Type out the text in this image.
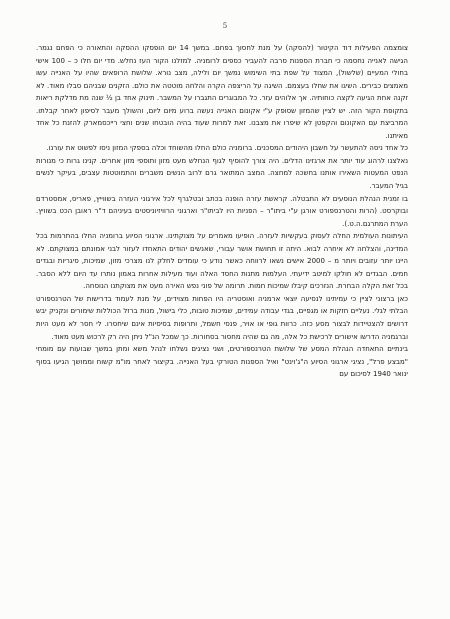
5

צומצמה הפעילות דוד הקיטור (להסקה) על מנת לחסוך בפחם. במשך 14 יום הופסקו ההסקה והתאורה כי הפחם נגמר. הגישה לאנייה נחסמה כי חברת הספנות סרבה להעביר כספים לרומניה. למזלנו הקור העז נחלש. מדי יום חלו כ – 100 אישי בחולי המעיים (שלשול), המצוד על שפת בתי השימוש נמשך יום ולילה, מצב נורא. שלושת הרופאים שהיו על האנייה עשו מאמצים כבירים. השיגו את שחלו בעצמם. השיגה על הריצפה הקרה והלחה מוטטה את כולם. הזקנים שבניהם סבלו מאוד. לא זקנה אחת הגיעה לקצה כוחותיה. אך אלוהים עזר. כל המבוגרים התגברו על המשבר. תינוק אחד בן ½ שנה מת מדלקת ריאות בתקופת הקור הזה. יש לציין שהמזון שסופק ע"י אקונום האנייה נעשה ברוע מיום ליום, והשולך מעבר לסיפון לאחר קבלתו. המרביצת עם האקונום והקפטן לא שיפרו את מצבנו. זאת למרות שעוד בהיה הובטחו שנים וחצי רייכסמארק להזנת כל אחד מאיתנו.

כל אחד ניסה להתעשר על חשבון היהודים המסכנים. ברומניה כולם החלו מהשוחד וכלה בספקי המזון ניסו לפשוט את עורנו.

נאלצנו לרהוג עוד יותר את ארגזינו הדלים. היה צורך להוסיף לגוף הנחלש מעט מזון ותוספי מזון אחרים. קנינו גרות כי מנורות הנפט המעטות השאירו אותנו בחשכה למחצה. המצב המתואר גרם לרוב הנשים משברים והתמוטטות עצבים, בעיקר לנשים בגיל המעבר.

בו זמנית הנהלת הנוסעים לא התבטלה. קראשת עזרה הופנה בכתב ובטלגרף לכל אירגוני העזרה בשווייץ, פאריס, אמסטרדם ובוקרסט. (הרות והטרנספורט אורגן ע"י ביתו"ר – הפניות היו לביתו"ר וארגוני הרוויזיוניסטים בעיניהם ד"ר ראובן הכט בשוויץ. הערת המתרגם.ה.ט.).

העיתונות העולמית החלה לעסוק בעקשיות לעזרה. הופיעו מאמרים על מצוקתינו. ארגוני הסיוע ברומניה החלו בהתרמות בכל המדינה, והצלחה לא איחרה לבוא. היתה זו תחושת אושר עבורי, שאנשים יהודים התאחדו לעזור לבני אמונתם במצוקתם. לא היינו יותר עזובים ויותר מ – 2000 אישים נשאו לרווחה כאשר נודע כי עומדים לחלק לנו מצרכי מזון, שמיכות, סיגריות ובגדים חמים. הבגדים לא חולקו למיטב ידיעתי. העלמות מתנות החסד האלה ועוד מעילות אחרות באמון נותרו עד היום ללא הסבר. בכל זאת הקלה הבחרת. הנזרכים קיבלו שמיכות חמות. תרומה של פוני נפש האירה מעט את מצוקתנו הנוסחה.

כאן ברצוני לציין כי עמיתינו לנסיעה יוצאי ארמניה ואוסטריה היו הפחות מצוידים, על מנת לעמוד בדרישות של הטרנספורט הבלתי לגלי. נעליים חזקות או מגפיים, בגדי עבודה עמידים, שמיכות טובות, כלי בישול, מנות ברזל הכוללות שימורים ונקניק יבש דרושים להצטיידות לבצור מסע כזה. כרוות גופי או אויר, פנסי חשמל, ותרופות בסיסיות אינם שיחסרו. לי חסר לא מעט היות וברגמניה הדרשו אישורים לרכישת כל אלה, מה גם שהיה מחסור בסחורות. כך שמכל הנ"ל ניתן היה רק לרכוש מעט מאוד.

בינתיים התאחדה הנהלת המסע של שלושת הטרנספורטים, ושני נציגים נשלחו לנהל משא ומתן במשך שבועות עם מומחי "מבצע פרל", נציגי ארגוני הסיוע ה"ג'וינט" ואיל הספנות הטורקי בעל האנייה. בקיצור לאחר מו"מ קשוח וממושך הגיעו בסוף ינואר 1940 לסיכום עם
